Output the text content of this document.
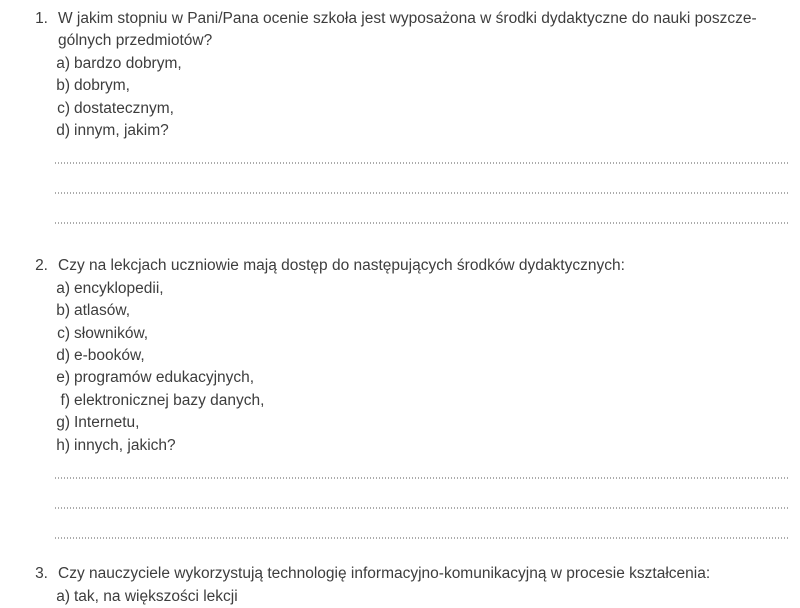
1. W jakim stopniu w Pani/Pana ocenie szkoła jest wyposażona w środki dydaktyczne do nauki poszcze-
gólnych przedmiotów?
a) bardzo dobrym,
b) dobrym,
c) dostatecznym,
d) innym, jakim?
2. Czy na lekcjach uczniowie mają dostęp do następujących środków dydaktycznych:
a) encyklopedii,
b) atlasów,
c) słowników,
d) e-booków,
e) programów edukacyjnych,
f) elektronicznej bazy danych,
g) Internetu,
h) innych, jakich?
3. Czy nauczyciele wykorzystują technologię informacyjno-komunikacyjną w procesie kształcenia:
a) tak, na większości lekcji
